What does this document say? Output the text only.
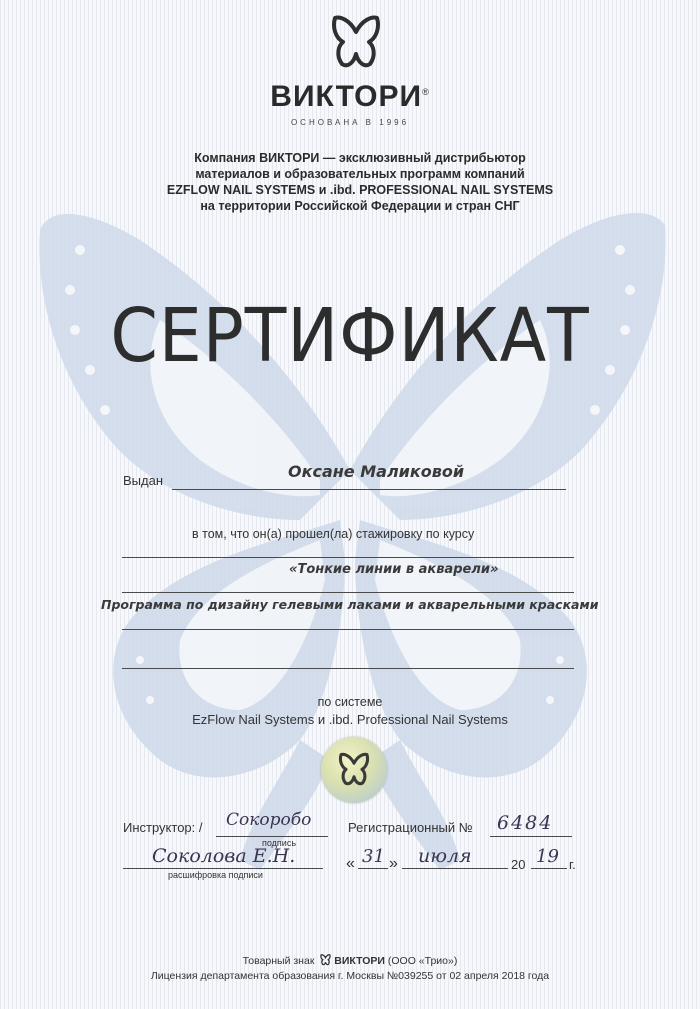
ВИКТОРИ®
ОСНОВАНА В 1996
Компания ВИКТОРИ — эксклюзивный дистрибьютор
материалов и образовательных программ компаний
EZFLOW NAIL SYSTEMS и .ibd. PROFESSIONAL NAIL SYSTEMS
на территории Российской Федерации и стран СНГ
СЕРТИФИКАТ
Выдан	Оксане Маликовой
в том, что он(а) прошел(ла) стажировку по курсу
«Тонкие линии в акварели»
Программа по дизайну гелевыми лаками и акварельными красками
по системе
EzFlow Nail Systems и .ibd. Professional Nail Systems
Инструктор: / Сокоробо
подпись
Соколова Е.Н.
расшифровка подписи
Регистрационный № 6484
« 31 » июля	20 19 г.
Товарный знак ВИКТОРИ (ООО «Трио»)
Лицензия департамента образования г. Москвы №039255 от 02 апреля 2018 года
